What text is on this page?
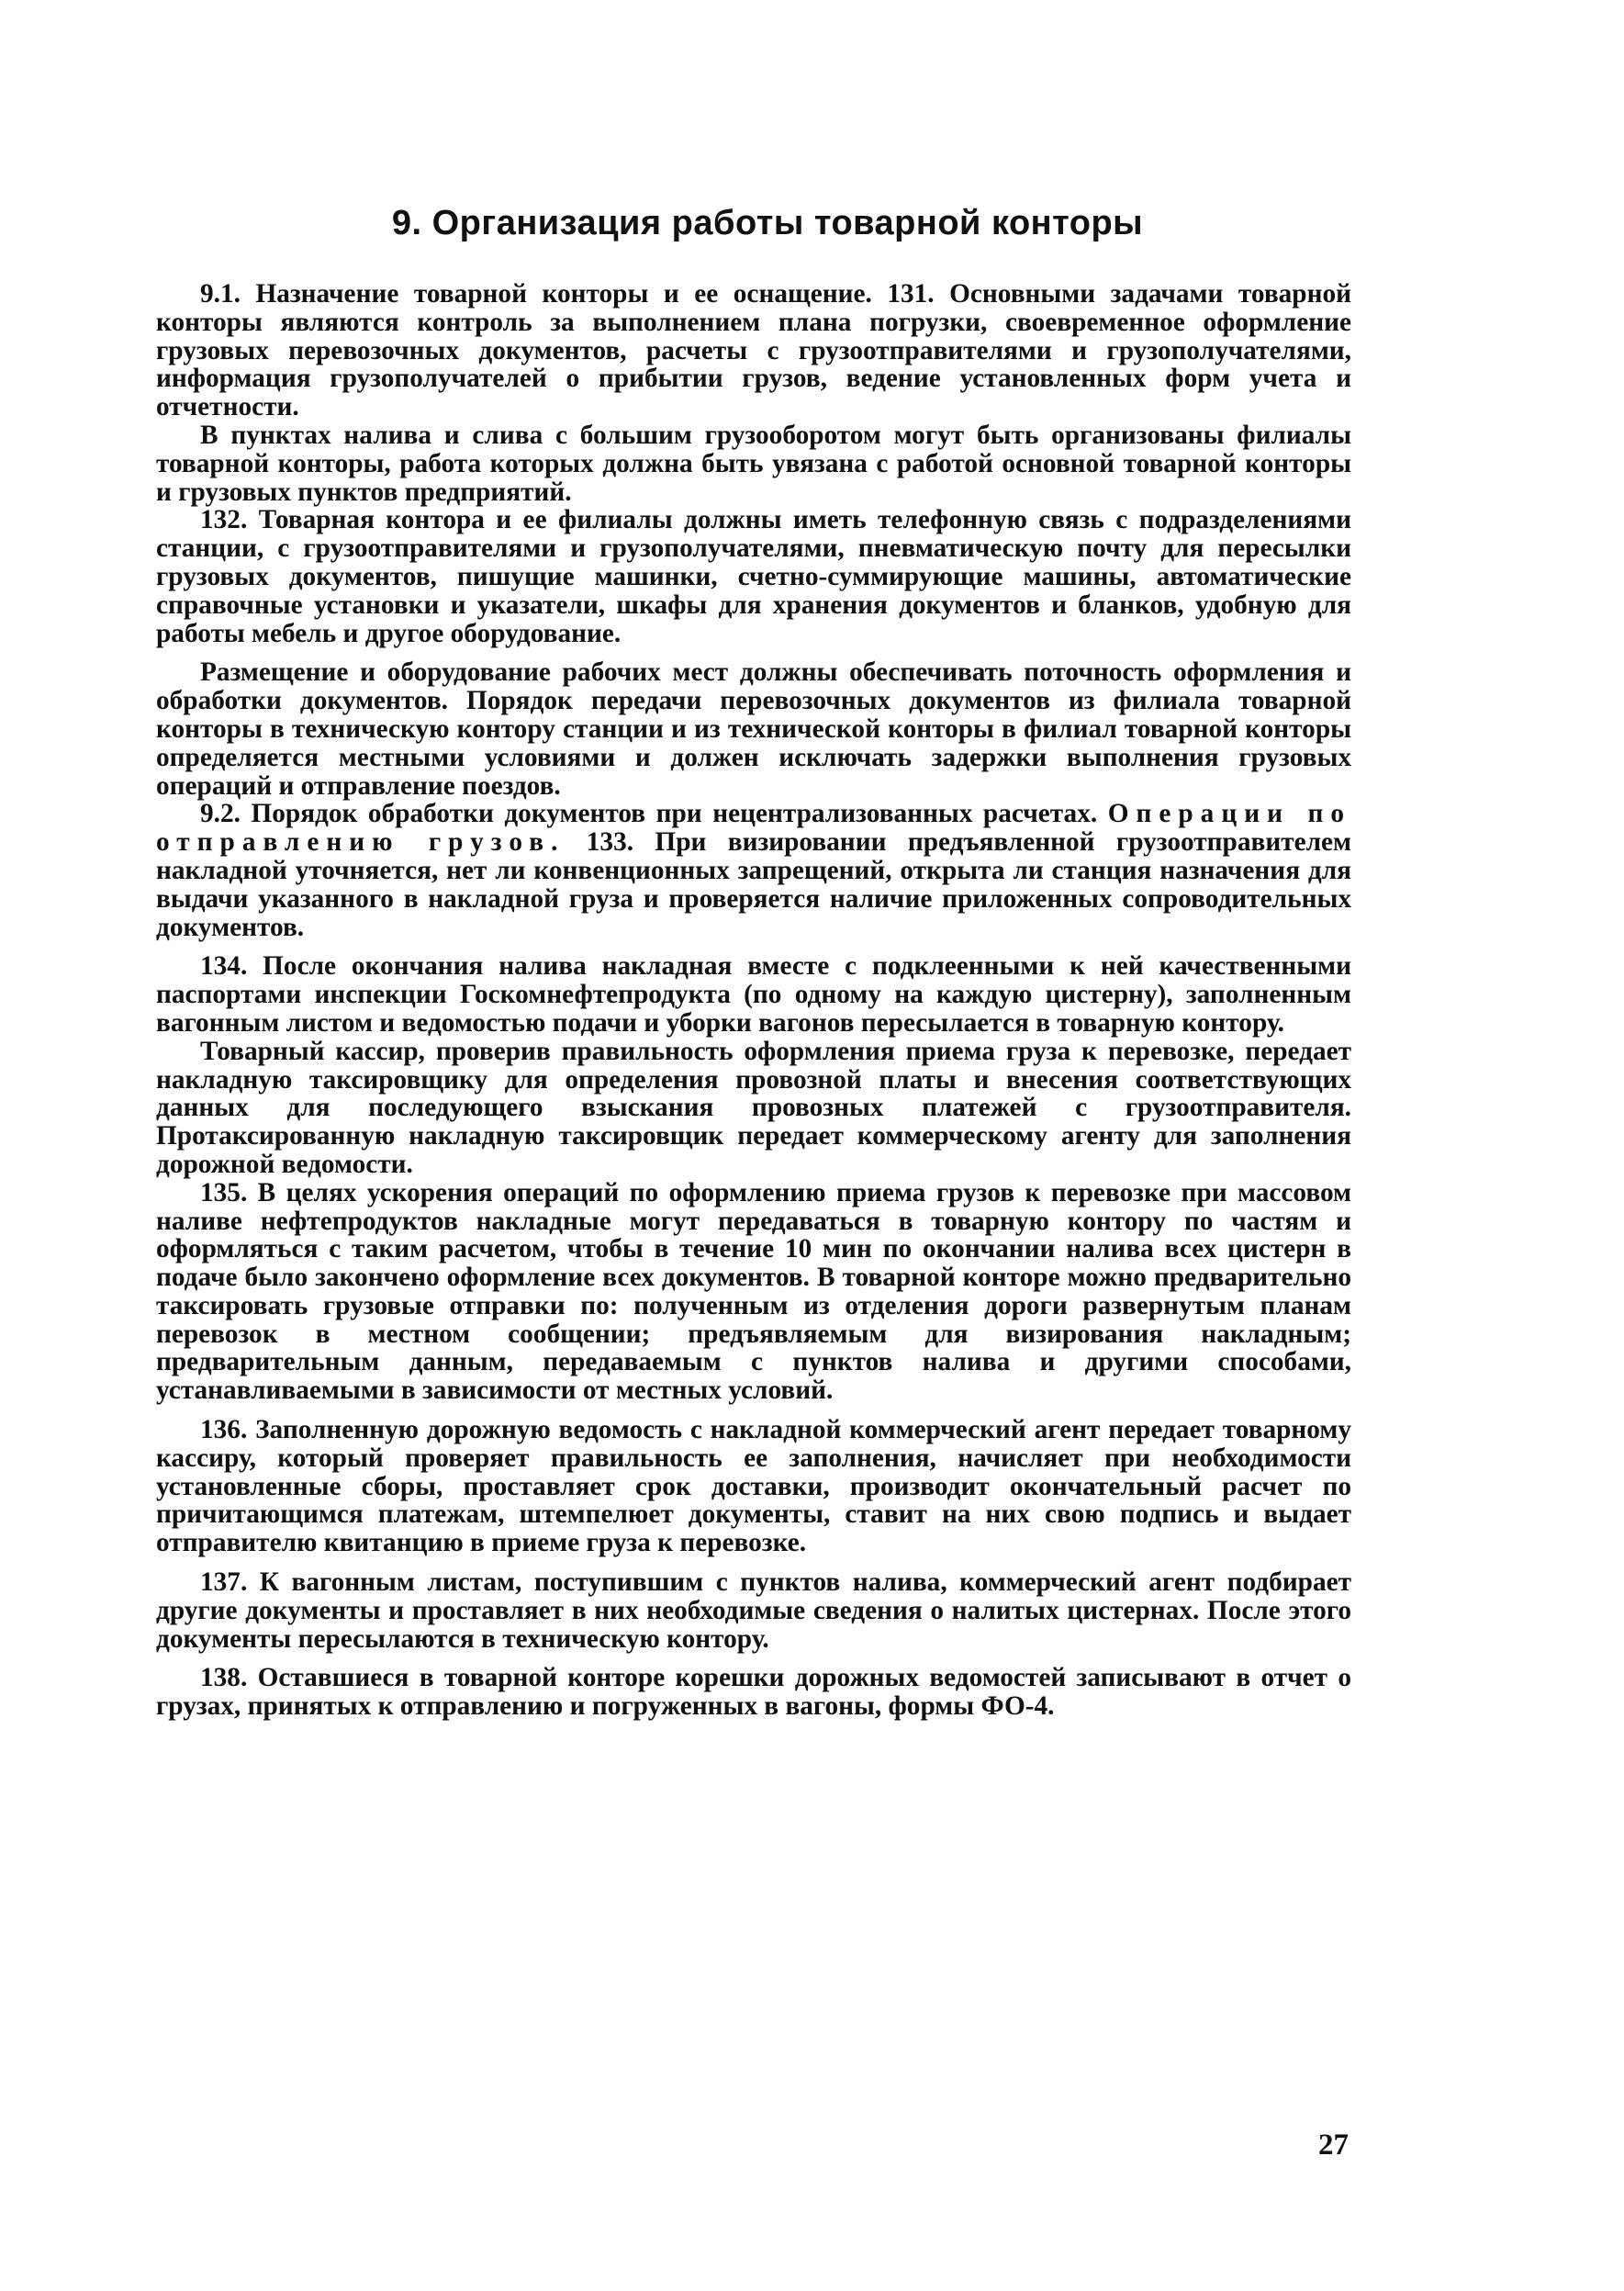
9. Организация работы товарной конторы

9.1. Назначение товарной конторы и ее оснащение. 131. Основными задачами товарной конторы являются контроль за выполнением плана погрузки, своевременное оформление грузовых перевозочных документов, расчеты с грузоотправителями и грузополучателями, информация грузополучателей о прибытии грузов, ведение установленных форм учета и отчетности.

В пунктах налива и слива с большим грузооборотом могут быть организованы филиалы товарной конторы, работа которых должна быть увязана с работой основной товарной конторы и грузовых пунктов предприятий.

132. Товарная контора и ее филиалы должны иметь телефонную связь с подразделениями станции, с грузоотправителями и грузополучателями, пневматическую почту для пересылки грузовых документов, пишущие машинки, счетно-суммирующие машины, автоматические справочные установки и указатели, шкафы для хранения документов и бланков, удобную для работы мебель и другое оборудование.

Размещение и оборудование рабочих мест должны обеспечивать поточность оформления и обработки документов. Порядок передачи перевозочных документов из филиала товарной конторы в техническую контору станции и из технической конторы в филиал товарной конторы определяется местными условиями и должен исключать задержки выполнения грузовых операций и отправление поездов.

9.2. Порядок обработки документов при нецентрализованных расчетах. Операции по отправлению грузов. 133. При визировании предъявленной грузоотправителем накладной уточняется, нет ли конвенционных запрещений, открыта ли станция назначения для выдачи указанного в накладной груза и проверяется наличие приложенных сопроводительных документов.

134. После окончания налива накладная вместе с подклеенными к ней качественными паспортами инспекции Госкомнефтепродукта (по одному на каждую цистерну), заполненным вагонным листом и ведомостью подачи и уборки вагонов пересылается в товарную контору.

Товарный кассир, проверив правильность оформления приема груза к перевозке, передает накладную таксировщику для определения провозной платы и внесения соответствующих данных для последующего взыскания провозных платежей с грузоотправителя. Протаксированную накладную таксировщик передает коммерческому агенту для заполнения дорожной ведомости.

135. В целях ускорения операций по оформлению приема грузов к перевозке при массовом наливе нефтепродуктов накладные могут передаваться в товарную контору по частям и оформляться с таким расчетом, чтобы в течение 10 мин по окончании налива всех цистерн в подаче было закончено оформление всех документов. В товарной конторе можно предварительно таксировать грузовые отправки по: полученным из отделения дороги развернутым планам перевозок в местном сообщении; предъявляемым для визирования накладным; предварительным данным, передаваемым с пунктов налива и другими способами, устанавливаемыми в зависимости от местных условий.

136. Заполненную дорожную ведомость с накладной коммерческий агент передает товарному кассиру, который проверяет правильность ее заполнения, начисляет при необходимости установленные сборы, проставляет срок доставки, производит окончательный расчет по причитающимся платежам, штемпелюет документы, ставит на них свою подпись и выдает отправителю квитанцию в приеме груза к перевозке.

137. К вагонным листам, поступившим с пунктов налива, коммерческий агент подбирает другие документы и проставляет в них необходимые сведения о налитых цистернах. После этого документы пересылаются в техническую контору.

138. Оставшиеся в товарной конторе корешки дорожных ведомостей записывают в отчет о грузах, принятых к отправлению и погруженных в вагоны, формы ФО-4.

27
